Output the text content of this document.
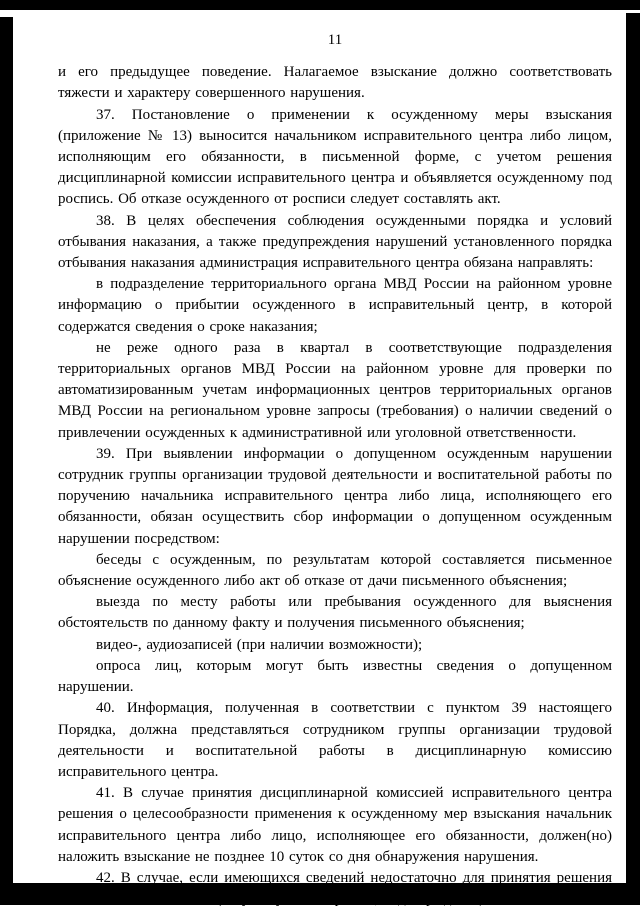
11

и его предыдущее поведение. Налагаемое взыскание должно соответствовать тяжести и характеру совершенного нарушения.

37. Постановление о применении к осужденному меры взыскания (приложение № 13) выносится начальником исправительного центра либо лицом, исполняющим его обязанности, в письменной форме, с учетом решения дисциплинарной комиссии исправительного центра и объявляется осужденному под роспись. Об отказе осужденного от росписи следует составлять акт.

38. В целях обеспечения соблюдения осужденными порядка и условий отбывания наказания, а также предупреждения нарушений установленного порядка отбывания наказания администрация исправительного центра обязана направлять:

в подразделение территориального органа МВД России на районном уровне информацию о прибытии осужденного в исправительный центр, в которой содержатся сведения о сроке наказания;

не реже одного раза в квартал в соответствующие подразделения территориальных органов МВД России на районном уровне для проверки по автоматизированным учетам информационных центров территориальных органов МВД России на региональном уровне запросы (требования) о наличии сведений о привлечении осужденных к административной или уголовной ответственности.

39. При выявлении информации о допущенном осужденным нарушении сотрудник группы организации трудовой деятельности и воспитательной работы по поручению начальника исправительного центра либо лица, исполняющего его обязанности, обязан осуществить сбор информации о допущенном осужденным нарушении посредством:

беседы с осужденным, по результатам которой составляется письменное объяснение осужденного либо акт об отказе от дачи письменного объяснения;

выезда по месту работы или пребывания осужденного для выяснения обстоятельств по данному факту и получения письменного объяснения;

видео-, аудиозаписей (при наличии возможности);

опроса лиц, которым могут быть известны сведения о допущенном нарушении.

40. Информация, полученная в соответствии с пунктом 39 настоящего Порядка, должна представляться сотрудником группы организации трудовой деятельности и воспитательной работы в дисциплинарную комиссию исправительного центра.

41. В случае принятия дисциплинарной комиссией исправительного центра решения о целесообразности применения к осужденному мер взыскания начальник исправительного центра либо лицо, исполняющее его обязанности, должен(но) наложить взыскание не позднее 10 суток со дня обнаружения нарушения.

42. В случае, если имеющихся сведений недостаточно для принятия решения о наложении взыскания (отсутствуют материалы, подтверждающие
